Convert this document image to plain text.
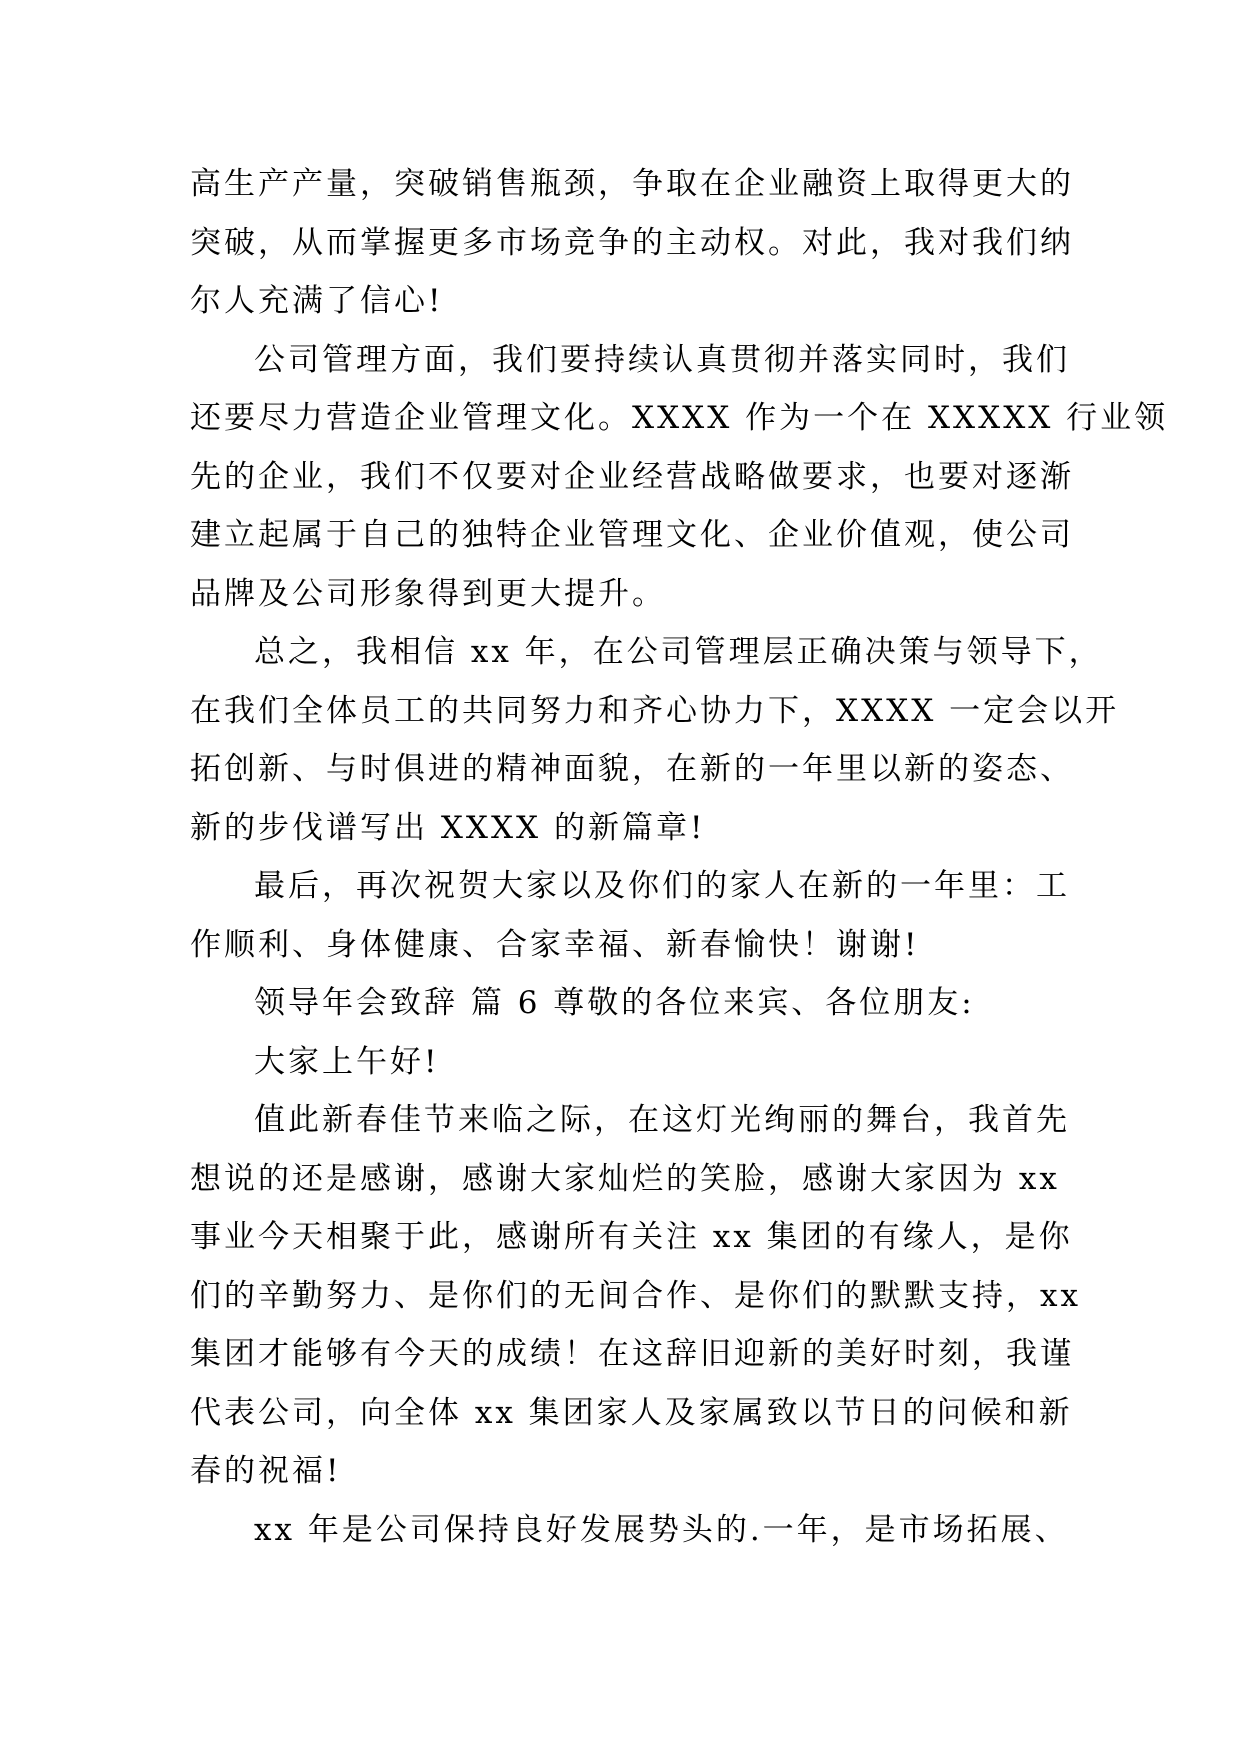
高生产产量，突破销售瓶颈，争取在企业融资上取得更大的
突破，从而掌握更多市场竞争的主动权。对此，我对我们纳
尔人充满了信心!
公司管理方面，我们要持续认真贯彻并落实同时，我们
还要尽力营造企业管理文化。XXXX 作为一个在 XXXXX 行业领
先的企业，我们不仅要对企业经营战略做要求，也要对逐渐
建立起属于自己的独特企业管理文化、企业价值观，使公司
品牌及公司形象得到更大提升。
总之，我相信 xx 年，在公司管理层正确决策与领导下，
在我们全体员工的共同努力和齐心协力下，XXXX 一定会以开
拓创新、与时俱进的精神面貌，在新的一年里以新的姿态、
新的步伐谱写出 XXXX 的新篇章!
最后，再次祝贺大家以及你们的家人在新的一年里：工
作顺利、身体健康、合家幸福、新春愉快！谢谢!
领导年会致辞 篇 6 尊敬的各位来宾、各位朋友:
大家上午好!
值此新春佳节来临之际，在这灯光绚丽的舞台，我首先
想说的还是感谢，感谢大家灿烂的笑脸，感谢大家因为 xx
事业今天相聚于此，感谢所有关注 xx 集团的有缘人，是你
们的辛勤努力、是你们的无间合作、是你们的默默支持，xx
集团才能够有今天的成绩！在这辞旧迎新的美好时刻，我谨
代表公司，向全体 xx 集团家人及家属致以节日的问候和新
春的祝福!
xx 年是公司保持良好发展势头的.一年，是市场拓展、
